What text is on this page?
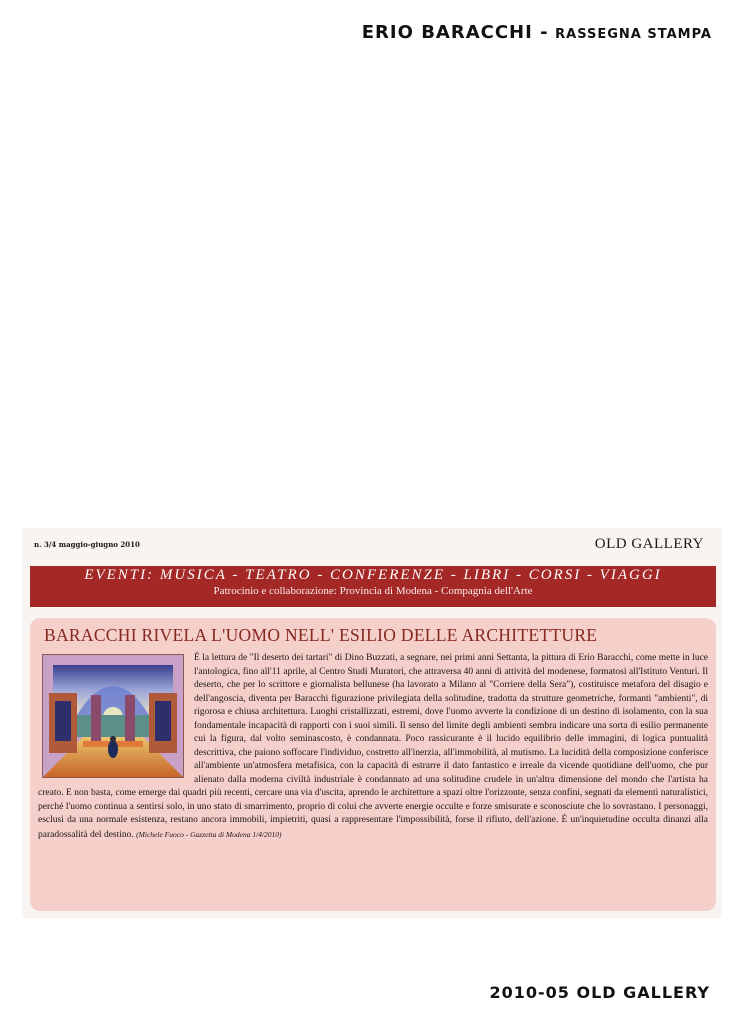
ERIO BARACCHI - RASSEGNA STAMPA
n. 3/4 maggio-giugno 2010	OLD GALLERY
EVENTI: MUSICA - TEATRO - CONFERENZE - LIBRI - CORSI - VIAGGI
Patrocinio e collaborazione: Provincia di Modena - Compagnia dell'Arte
BARACCHI RIVELA L'UOMO NELL' ESILIO DELLE ARCHITETTURE

É la lettura de "Il deserto dei tartari" di Dino Buzzati, a segnare, nei primi anni Settanta, la pittura di Erio Baracchi, come mette in luce l'antologica, fino all'11 aprile, al Centro Studi Muratori, che attraversa 40 anni di attività del modenese, formatosi all'Istituto Venturi. Il deserto, che per lo scrittore e giornalista bellunese (ha lavorato a Milano al "Corriere della Sera"), costituisce metafora del disagio e dell'angoscia, diventa per Baracchi figurazione privilegiata della solitudine, tradotta da strutture geometriche, formanti "ambienti", di rigorosa e chiusa architettura. Luoghi cristallizzati, estremi, dove l'uomo avverte la condizione di un destino di isolamento, con la sua fondamentale incapacità di rapporti con i suoi simili. Il senso del limite degli ambienti sembra indicare una sorta di esilio permanente cui la figura, dal volto seminascosto, è condannata. Poco rassicurante è il lucido equilibrio delle immagini, di logica puntualità descrittiva, che paiono soffocare l'individuo, costretto all'inerzia, all'immobilità, al mutismo. La lucidità della composizione conferisce all'ambiente un'atmosfera metafisica, con la capacità di estrarre il dato fantastico e irreale da vicende quotidiane dell'uomo, che pur alienato dalla moderna civiltà industriale è condannato ad una solitudine crudele in un'altra dimensione del mondo che l'artista ha creato. E non basta, come emerge dai quadri più recenti, cercare una via d'uscita, aprendo le architetture a spazi oltre l'orizzonte, senza confini, segnati da elementi naturalistici, perché l'uomo continua a sentirsi solo, in uno stato di smarrimento, proprio di colui che avverte energie occulte e forze smisurate e sconosciute che lo sovrastano. I personaggi, esclusi da una normale esistenza, restano ancora immobili, impietriti, quasi a rappresentare l'impossibilità, forse il rifiuto, dell'azione. É un'inquietudine occulta dinanzi alla paradossalità del destino. (Michele Fuoco - Gazzetta di Modena 1/4/2010)

2010-05 OLD GALLERY
